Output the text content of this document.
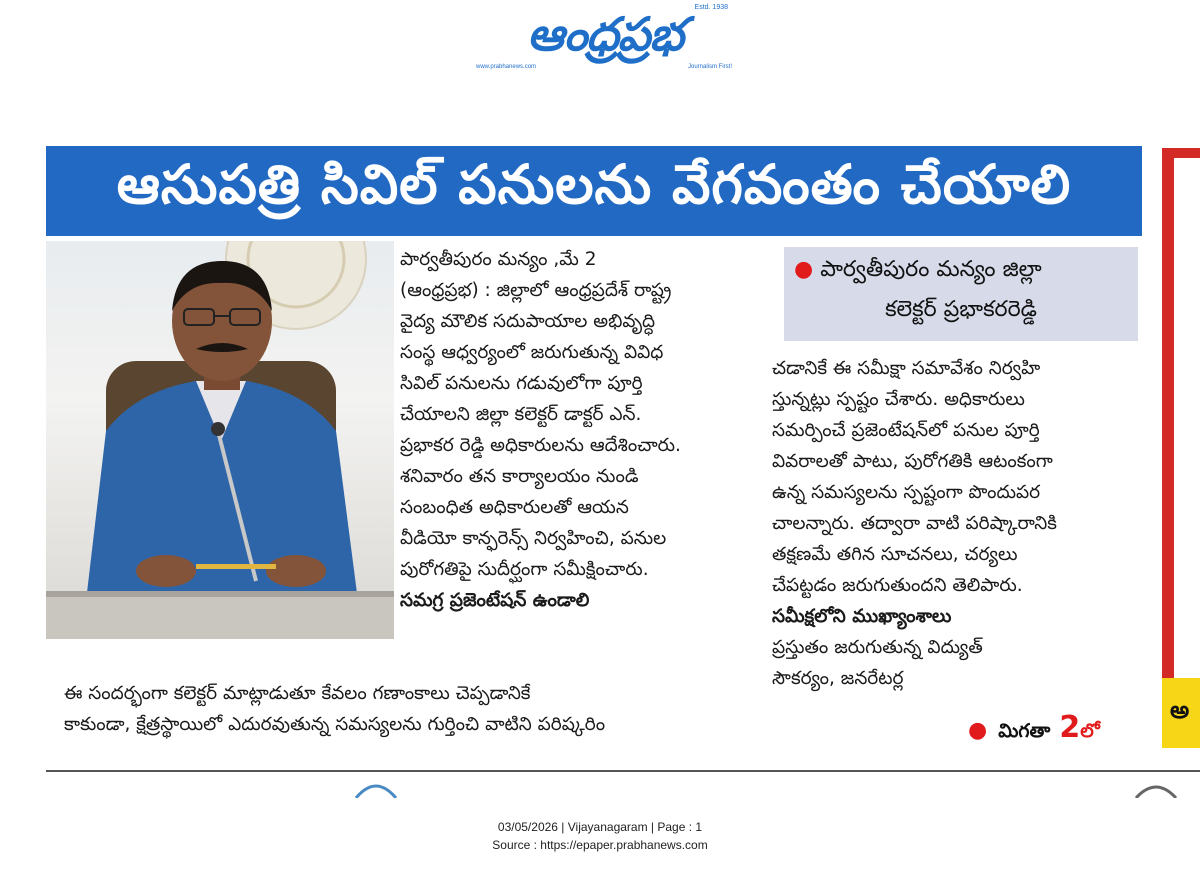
ఆంధ్రప్రభ	Estd. 1938
www.prabhanews.com	Journalism First!
ఆసుపత్రి సివిల్ పనులను వేగవంతం చేయాలి
అ
పార్వతీపురం మన్యం ,మే 2
(ఆంధ్రప్రభ) : జిల్లాలో ఆంధ్రప్రదేశ్ రాష్ట్ర
వైద్య మౌలిక సదుపాయాల అభివృద్ధి
సంస్థ ఆధ్వర్యంలో జరుగుతున్న వివిధ
సివిల్ పనులను గడువులోగా పూర్తి
చేయాలని జిల్లా కలెక్టర్ డాక్టర్ ఎన్.
ప్రభాకర రెడ్డి అధికారులను ఆదేశించారు.
శనివారం తన కార్యాలయం నుండి
సంబంధిత అధికారులతో ఆయన
వీడియో కాన్ఫరెన్స్ నిర్వహించి, పనుల
పురోగతిపై సుదీర్ఘంగా సమీక్షించారు.
సమగ్ర ప్రజెంటేషన్ ఉండాలి
ఈ సందర్భంగా కలెక్టర్ మాట్లాడుతూ కేవలం గణాంకాలు చెప్పడానికే
కాకుండా, క్షేత్రస్థాయిలో ఎదురవుతున్న సమస్యలను గుర్తించి వాటిని పరిష్కరిం
● పార్వతీపురం మన్యం జిల్లా
కలెక్టర్ ప్రభాకరరెడ్డి
చడానికే ఈ సమీక్షా సమావేశం నిర్వహి
స్తున్నట్లు స్పష్టం చేశారు. అధికారులు
సమర్పించే ప్రజెంటేషన్‌లో పనుల పూర్తి
వివరాలతో పాటు, పురోగతికి ఆటంకంగా
ఉన్న సమస్యలను స్పష్టంగా పొందుపర
చాలన్నారు. తద్వారా వాటి పరిష్కారానికి
తక్షణమే తగిన సూచనలు, చర్యలు
చేపట్టడం జరుగుతుందని తెలిపారు.
సమీక్షలోని ముఖ్యాంశాలు
ప్రస్తుతం జరుగుతున్న విద్యుత్
సౌకర్యం, జనరేటర్ల
● మిగతా 2లో
03/05/2026 | Vijayanagaram | Page : 1
Source : https://epaper.prabhanews.com
